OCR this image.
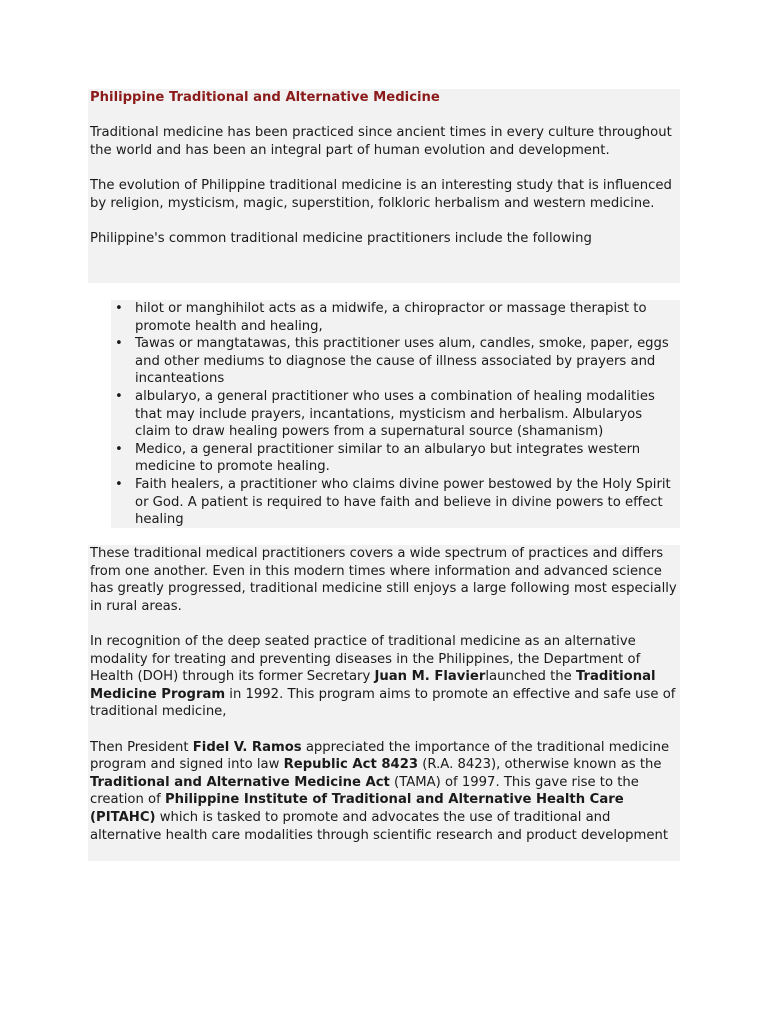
Philippine Traditional and Alternative Medicine

Traditional medicine has been practiced since ancient times in every culture throughout the world and has been an integral part of human evolution and development.

The evolution of Philippine traditional medicine is an interesting study that is influenced by religion, mysticism, magic, superstition, folkloric herbalism and western medicine.

Philippine's common traditional medicine practitioners include the following

• hilot or manghihilot acts as a midwife, a chiropractor or massage therapist to promote health and healing,
• Tawas or mangtatawas, this practitioner uses alum, candles, smoke, paper, eggs and other mediums to diagnose the cause of illness associated by prayers and incanteations
• albularyo, a general practitioner who uses a combination of healing modalities that may include prayers, incantations, mysticism and herbalism. Albularyos claim to draw healing powers from a supernatural source (shamanism)
• Medico, a general practitioner similar to an albularyo but integrates western medicine to promote healing.
• Faith healers, a practitioner who claims divine power bestowed by the Holy Spirit or God. A patient is required to have faith and believe in divine powers to effect healing

These traditional medical practitioners covers a wide spectrum of practices and differs from one another. Even in this modern times where information and advanced science has greatly progressed, traditional medicine still enjoys a large following most especially in rural areas.

In recognition of the deep seated practice of traditional medicine as an alternative modality for treating and preventing diseases in the Philippines, the Department of Health (DOH) through its former Secretary Juan M. Flavierlaunched the Traditional Medicine Program in 1992. This program aims to promote an effective and safe use of traditional medicine,

Then President Fidel V. Ramos appreciated the importance of the traditional medicine program and signed into law Republic Act 8423 (R.A. 8423), otherwise known as the Traditional and Alternative Medicine Act (TAMA) of 1997. This gave rise to the creation of Philippine Institute of Traditional and Alternative Health Care (PITAHC) which is tasked to promote and advocates the use of traditional and alternative health care modalities through scientific research and product development
